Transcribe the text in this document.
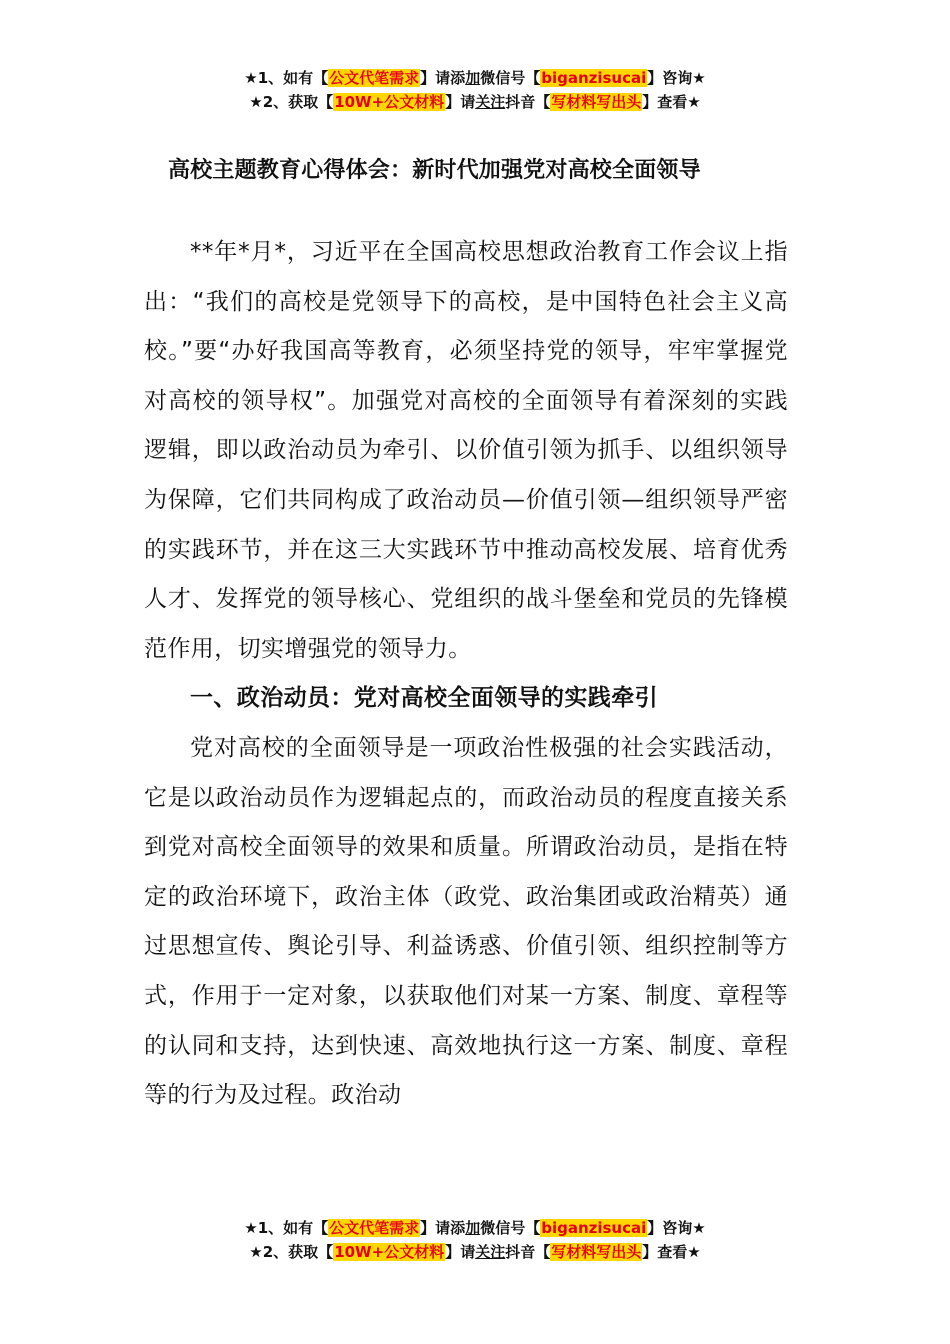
★1、如有【公文代笔需求】请添加微信号【biganzisucai】咨询★
★2、获取【10W+公文材料】请关注抖音【写材料写出头】查看★
高校主题教育心得体会：新时代加强党对高校全面领导

**年*月*，习近平在全国高校思想政治教育工作会议上指出：“我们的高校是党领导下的高校，是中国特色社会主义高校。”要“办好我国高等教育，必须坚持党的领导，牢牢掌握党对高校的领导权”。加强党对高校的全面领导有着深刻的实践逻辑，即以政治动员为牵引、以价值引领为抓手、以组织领导为保障，它们共同构成了政治动员—价值引领—组织领导严密的实践环节，并在这三大实践环节中推动高校发展、培育优秀人才、发挥党的领导核心、党组织的战斗堡垒和党员的先锋模范作用，切实增强党的领导力。

一、政治动员：党对高校全面领导的实践牵引

党对高校的全面领导是一项政治性极强的社会实践活动，它是以政治动员作为逻辑起点的，而政治动员的程度直接关系到党对高校全面领导的效果和质量。所谓政治动员，是指在特定的政治环境下，政治主体（政党、政治集团或政治精英）通过思想宣传、舆论引导、利益诱惑、价值引领、组织控制等方式，作用于一定对象，以获取他们对某一方案、制度、章程等的认同和支持，达到快速、高效地执行这一方案、制度、章程等的行为及过程。政治动

★1、如有【公文代笔需求】请添加微信号【biganzisucai】咨询★
★2、获取【10W+公文材料】请关注抖音【写材料写出头】查看★
